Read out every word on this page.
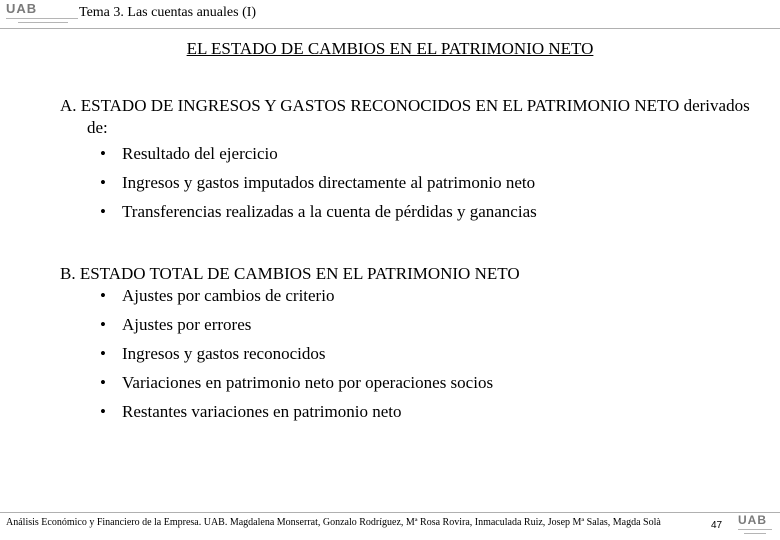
UAB	Tema 3. Las cuentas anuales (I)
EL ESTADO DE CAMBIOS EN EL PATRIMONIO NETO
A. ESTADO DE INGRESOS Y GASTOS RECONOCIDOS EN EL PATRIMONIO NETO derivados de:
• Resultado del ejercicio
• Ingresos y gastos imputados directamente al patrimonio neto
• Transferencias realizadas a la cuenta de pérdidas y ganancias
B. ESTADO TOTAL DE CAMBIOS EN EL PATRIMONIO NETO
• Ajustes por cambios de criterio
• Ajustes por errores
• Ingresos y gastos reconocidos
• Variaciones en patrimonio neto por operaciones socios
• Restantes variaciones en patrimonio neto
Análisis Económico y Financiero de la Empresa. UAB. Magdalena Monserrat, Gonzalo Rodríguez, Mª Rosa Rovira, Inmaculada Ruiz, Josep Mª Salas, Magda Solà	47 UAB
